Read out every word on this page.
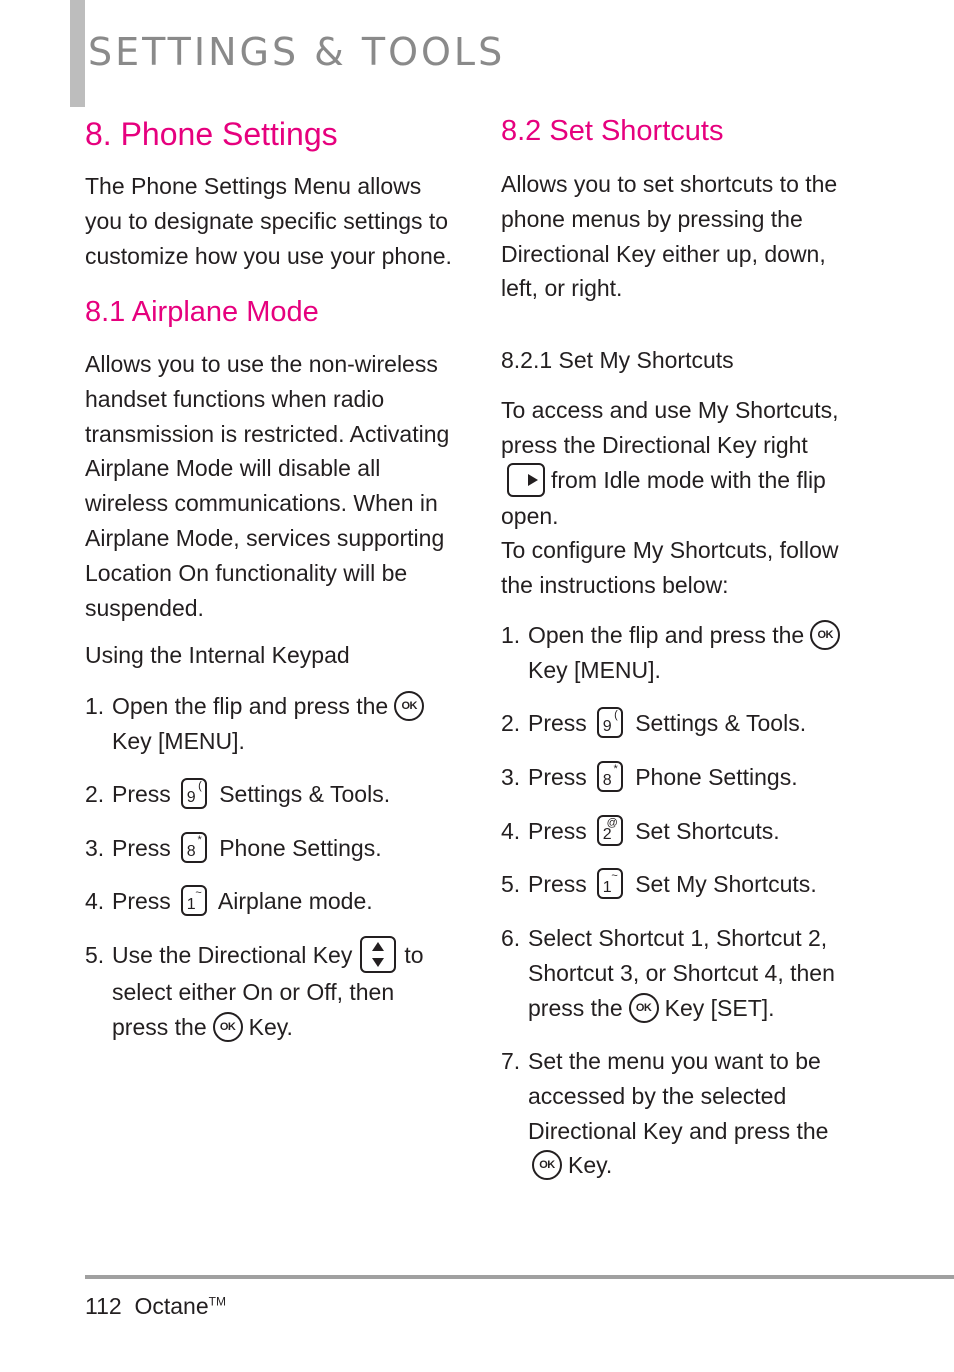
SETTINGS & TOOLS
8. Phone Settings
The Phone Settings Menu allows
you to designate specific settings to
customize how you use your phone.
8.1 Airplane Mode
Allows you to use the non-wireless
handset functions when radio
transmission is restricted. Activating
Airplane Mode will disable all
wireless communications. When in
Airplane Mode, services supporting
Location On functionality will be
suspended.
Using the Internal Keypad
1. Open the flip and press the	OK

Key [MENU].
2. Press 9
( Settings & Tools.
3. Press 8
* Phone Settings.
4. Press 1
~ Airplane mode.
5. Use the Directional Key to
select either On or Off, then
press the	OK Key.
8.2 Set Shortcuts
Allows you to set shortcuts to the
phone menus by pressing the
Directional Key either up, down,
left, or right.
8.2.1 Set My Shortcuts
To access and use My Shortcuts,
press the Directional Key right

from Idle mode with the flip
open.
To configure My Shortcuts, follow
the instructions below:
1. Open the flip and press the	OK

Key [MENU].
2. Press 9
( Settings & Tools.
3. Press 8
* Phone Settings.
4. Press 2
@ Set Shortcuts.
5. Press 1
~ Set My Shortcuts.
6. Select Shortcut 1, Shortcut 2,
Shortcut 3, or Shortcut 4, then
press the	OK Key [SET].
7. Set the menu you want to be
accessed by the selected
Directional Key and press the

OK Key.
112 Octane™
